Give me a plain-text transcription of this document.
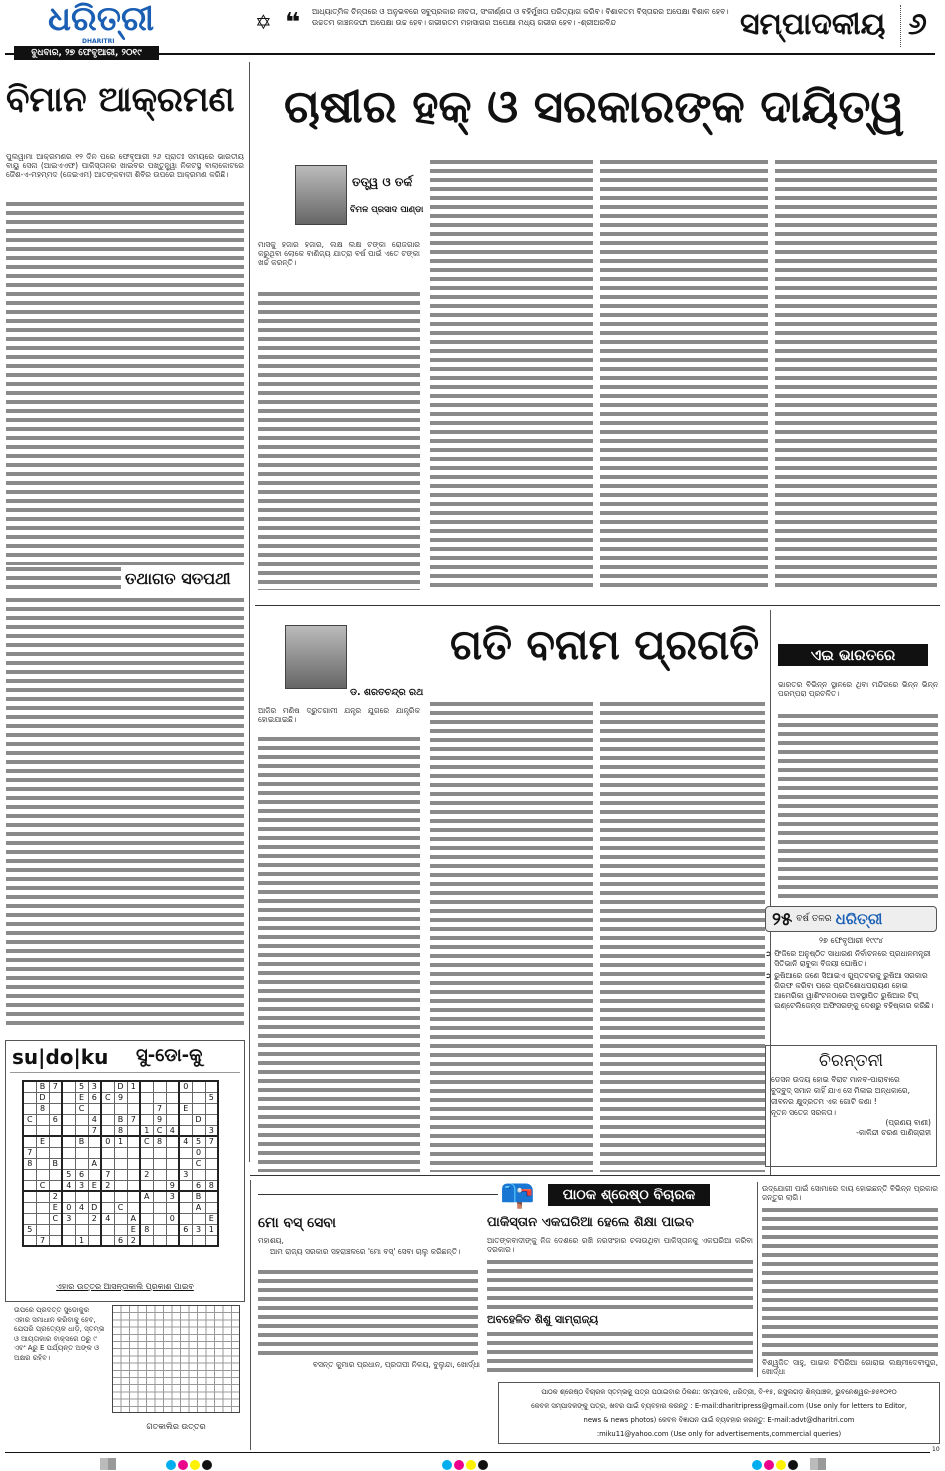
ଧରିତ୍ରୀ
DHARITRI
ବୁଧବାର, ୨୭ ଫେବୃଆରୀ, ୨୦୧୯
✡ ❝ ଆଧ୍ୟାତ୍ମିକ ଚିନ୍ତାରେ ଓ ଅନୁଭବରେ ସବୁପ୍ରକାର ନୀଚତା, ସଂକୀର୍ଣ୍ଣତା ଓ ବହିର୍ମୁଖତା ପରିତ୍ୟାଗ କରିବ। ବିଶାଳତମ ବିସ୍ତାରର ଅପେକ୍ଷା ବିଶାଳ ହେବ। ଉଚ୍ଚତମ କାଞ୍ଚନଜଙ୍ଘା ଅପେକ୍ଷା ଉଚ୍ଚ ହେବ। ଗଭୀରତମ ମହାସାଗର ଅପେକ୍ଷା ମଧ୍ୟ ଗଭୀର ହେବ। -ଶ୍ରୀଅରବିନ୍ଦ	ସମ୍ପାଦକୀୟ ୬
ବିମାନ ଆକ୍ରମଣ
ପୁଲୱାମା ଆକ୍ରମଣର ୧୨ ଦିନ ପରେ ଫେବୃଆରୀ ୨୬ ପ୍ରାତଃ ସମୟରେ ଭାରତୀୟ ବାୟୁ ସେନା (ଆଇଏଏଫ) ପାକିସ୍ତାନର ଖାଇବର ପଖ୍ତୁନ୍ଖ୍ୱା ନିକଟସ୍ଥ ବାଲାକୋଟରେ ଜୈଶ-ଏ-ମହମ୍ମଦ (ଜେଇଏମ) ଆତଙ୍କବାଦୀ ଶିବିର ଉପରେ ଆକ୍ରମଣ କରିଛି।
ତଥାଗତ ସତପଥୀ
ଚାଷୀର ହକ୍ ଓ ସରକାରଙ୍କ ଦାୟିତ୍ୱ
ତତ୍ତ୍ୱ ଓ ତର୍କ
ବିମଳ ପ୍ରସାଦ ପାଣ୍ଡା
ମାସକୁ ହଜାର ହଜାର, ଲକ୍ଷ ଲକ୍ଷ ଟଙ୍କା ରୋଜଗାର କରୁଥିବା ଲୋକେ ବାଣିଜ୍ୟ ଯାତ୍ରା ବର୍ଷ ପାଇଁ ଏତେ ଟଙ୍କା ଖର୍ଚ୍ଚ କରନ୍ତି।
ଡ. ଶରତଚନ୍ଦ୍ର ରଥ
ଗତି ବନାମ ପ୍ରଗତି
ଆଜିର ମଣିଷ ଦ୍ରୁତଗାମୀ ଯନ୍ତ୍ର ଯୁଗରେ ଯାନ୍ତ୍ରିକ ହୋଇଯାଇଛି।
ଏଇ ଭାରତରେ
ଭାରତର ବିଭିନ୍ନ ସ୍ଥାନରେ ଥିବା ମନ୍ଦିରରେ ଭିନ୍ନ ଭିନ୍ନ ପରମ୍ପରା ପ୍ରଚଳିତ।
୨୫ ବର୍ଷ ତଳର ଧରିତ୍ରୀ
୨୭ ଫେବୃଆରୀ ୧୯୯୪
➲ ଫିଜିରେ ଅନୁଷ୍ଠିତ ସାଧାରଣ ନିର୍ବାଚନରେ ପ୍ରଧାନମନ୍ତ୍ରୀ ସିତିଭାନି ରାବୁକା ବିଜୟୀ ଘୋଷିତ।
➲ ରୁଷିଆରେ ଜଣେ ସିଆଇଏ ଗୁପ୍ତଚରକୁ ରୁଷିଆ ସରକାର ଗିରଫ କରିବା ପରେ ପ୍ରତିଶୋଧପରାୟଣ ହୋଇ ଆମେରିକା ୱାଶିଂଟନଠାରେ ଅବସ୍ଥାପିତ ରୁଷିଆର ଟିପ୍ ଇଣ୍ଟେଲିଜେନ୍ସ ଅଫିସରଙ୍କୁ ଦେଶରୁ ବହିଷ୍କାର କରିଛି।
ଚିରନ୍ତନୀ
ଡେସନ ଉଦୟ ହୋଇ ବିରାଟ ମାନବ-ପାରାବାରେ
ବୁଦ୍‌ବୁଦ୍ ସମାନ କାହିଁ ଯାଏ ସେ ମିଳାଇ ଅନ୍ଧକାରେ,
ଜୀବନର କ୍ଷୁଦ୍ରତମ ଏକ ଗୋଟି କଣା !
ନୂତନ ସତେଜ ସରଳତା।
(ପ୍ରଣୟ ବାଣୀ)
-କାଳିନ୍ଦୀ ଚରଣ ପାଣିଗ୍ରାହୀ
su|do|ku	ସୁ-ଡୋ-କୁ
	B	7		5	3		D	1				0		
	D			E	6	C	9							5
	8			C						7		E		
C		6			4		B	7		9			D	
					7		8		1	C	4			3
	E			B		0	1		C	8		4	5	7
7													0	
8		B			A								C	
			5	6		7			2			3		
	C		4	3	E	2					9		6	8
		2							A		3		B	
		E	0	4	D		C						A	
		C	3		2	4		A			0			E
5								E	8			6	3	1
	7			1			6	2						
ଏହାର ଉତ୍ତର ଆସନ୍ତାକାଲି ପ୍ରକାଶ ପାଇବ
ଉପରେ ପ୍ରଦତ୍ତ ସୁଡୋକୁର ଏହାର ସମାଧାନ କରିବାକୁ ହେବ, ଯେପରି ପ୍ରତ୍ୟେକ ଧାଡ଼ି, ସ୍ତମ୍ଭ ଓ ଆୟତାକାର ବାକ୍ସରେ ୦ରୁ ୯ ଏବଂ Aରୁ E ପର୍ଯ୍ୟନ୍ତ ଅଙ୍କ ଓ ଅକ୍ଷର ରହିବ।
ଗତକାଲିର ଉତ୍ତର
📪	ପାଠକ ଶ୍ରେଷ୍ଠ ବିଚାରକ
ମୋ ବସ୍ ସେବା
ମହାଶୟ,
ଆମ ରାଜ୍ୟ ସରକାର ସହରାଞ୍ଚଳରେ 'ମୋ ବସ୍' ସେବା ଚାଲୁ କରିଛନ୍ତି।
ବସନ୍ତ କୁମାର ପ୍ରଧାନ, ପ୍ରତାପୀ ନିଳୟ, ବୁଲୁନ୍ଦା, ଖୋର୍ଦ୍ଧା
ପାକିସ୍ତାନ ଏକଘରିଆ ହେଲେ ଶିକ୍ଷା ପାଇବ
ଆତଙ୍କବାଦୀଙ୍କୁ ନିଜ ଦେଶରେ ରଖି ନରସଂହାର ଚଳାଉଥିବା ପାକିସ୍ତାନକୁ ଏକଘରିଆ କରିବା ଦରକାର।
ଅବହେଳିତ ଶିଶୁ ସାମ୍ରାଜ୍ୟ
ଉଦ୍‌ଯୋଗୀ ପାଇଁ ସୋମାରେ ଦାୟ ହୋଇଛନ୍ତି ବିଭିନ୍ନ ପ୍ରକାର ଜନ୍ତୁର ଲାଗି।
ବିଶ୍ୱଜିତ ସାହୁ, ପାଇକ ଟିପିରିଆ ଗୋରାଇ ଲକ୍ଷ୍ମୀଦେବୀପୁର, ଖୋର୍ଦ୍ଧା
ପାଠକ ଶ୍ରେଷ୍ଠ ବିଚାରକ ସ୍ତମ୍ଭକୁ ପତ୍ର ପଠାଇବାର ଠିକଣା: ସମ୍ପାଦକ, ଧରିତ୍ରୀ, ବି-୧୫, ରସୁଲଗଡ଼ ଶିଳ୍ପାଞ୍ଚଳ, ଭୁବନେଶ୍ୱର-୭୫୧୦୧୦
କେବଳ ସମ୍ପାଦକଙ୍କୁ ପତ୍ର, ଖବର ପାଇଁ ବ୍ୟବହାର କରନ୍ତୁ : E-mail:dharitripress@gmail.com (Use only for letters to Editor,
news & news photos) କେବଳ ବିଜ୍ଞାପନ ପାଇଁ ବ୍ୟବହାର କରନ୍ତୁ: E-mail:advt@dharitri.com
:miku11@yahoo.com (Use only for advertisements,commercial queries)
10
